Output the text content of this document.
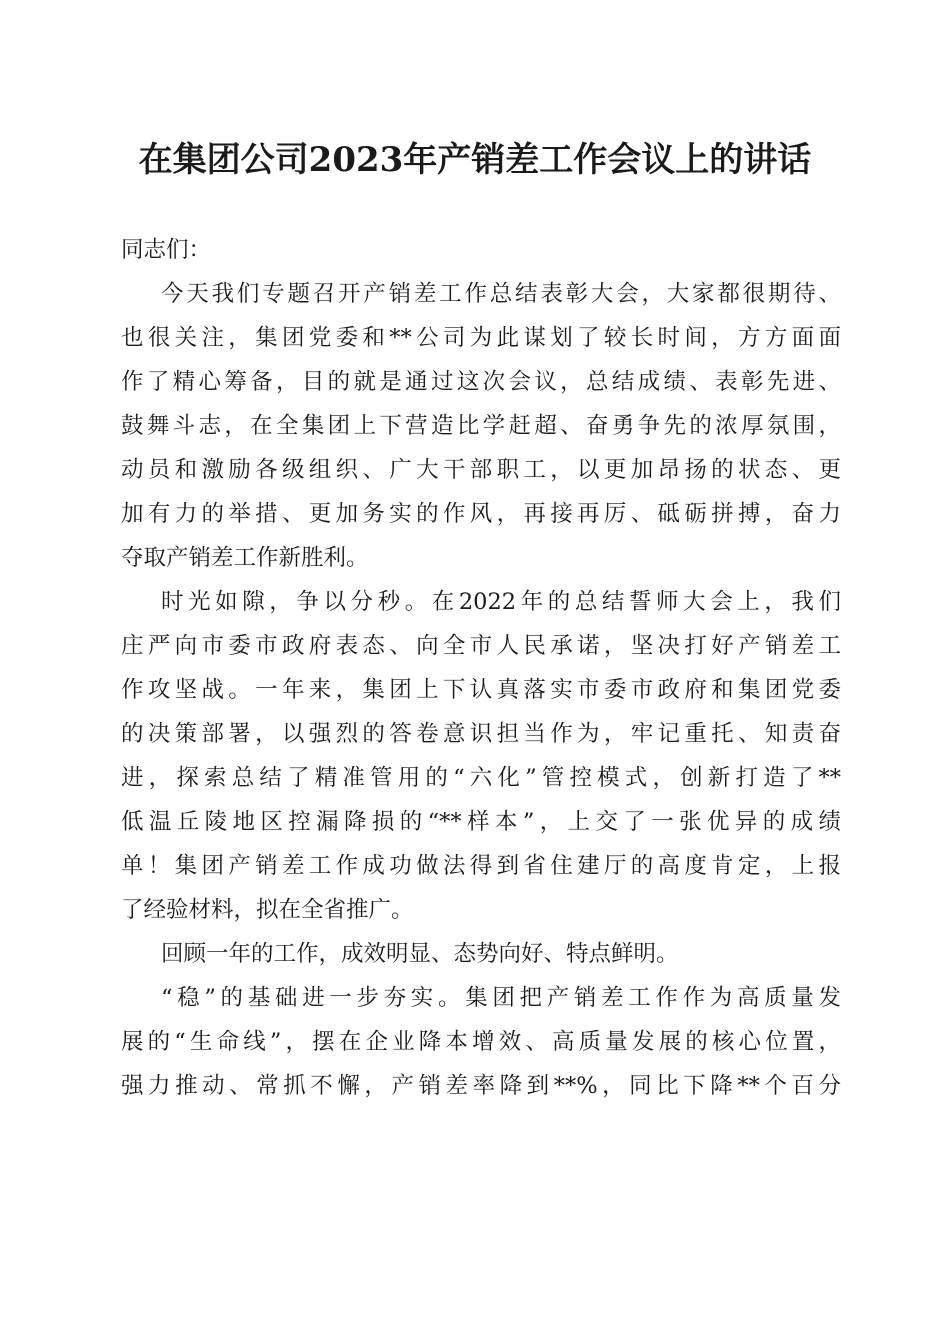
在集团公司2023年产销差工作会议上的讲话
同志们：
今天我们专题召开产销差工作总结表彰大会，大家都很期待、
也很关注，集团党委和**公司为此谋划了较长时间，方方面面
作了精心筹备，目的就是通过这次会议，总结成绩、表彰先进、
鼓舞斗志，在全集团上下营造比学赶超、奋勇争先的浓厚氛围，
动员和激励各级组织、广大干部职工，以更加昂扬的状态、更
加有力的举措、更加务实的作风，再接再厉、砥砺拼搏，奋力
夺取产销差工作新胜利。
时光如隙，争以分秒。在2022年的总结誓师大会上，我们
庄严向市委市政府表态、向全市人民承诺，坚决打好产销差工
作攻坚战。一年来，集团上下认真落实市委市政府和集团党委
的决策部署，以强烈的答卷意识担当作为，牢记重托、知责奋
进，探索总结了精准管用的“六化”管控模式，创新打造了**
低温丘陵地区控漏降损的“**样本”，上交了一张优异的成绩
单！集团产销差工作成功做法得到省住建厅的高度肯定，上报
了经验材料，拟在全省推广。
回顾一年的工作，成效明显、态势向好、特点鲜明。
“稳”的基础进一步夯实。集团把产销差工作作为高质量发
展的“生命线”，摆在企业降本增效、高质量发展的核心位置，
强力推动、常抓不懈，产销差率降到**%，同比下降**个百分
